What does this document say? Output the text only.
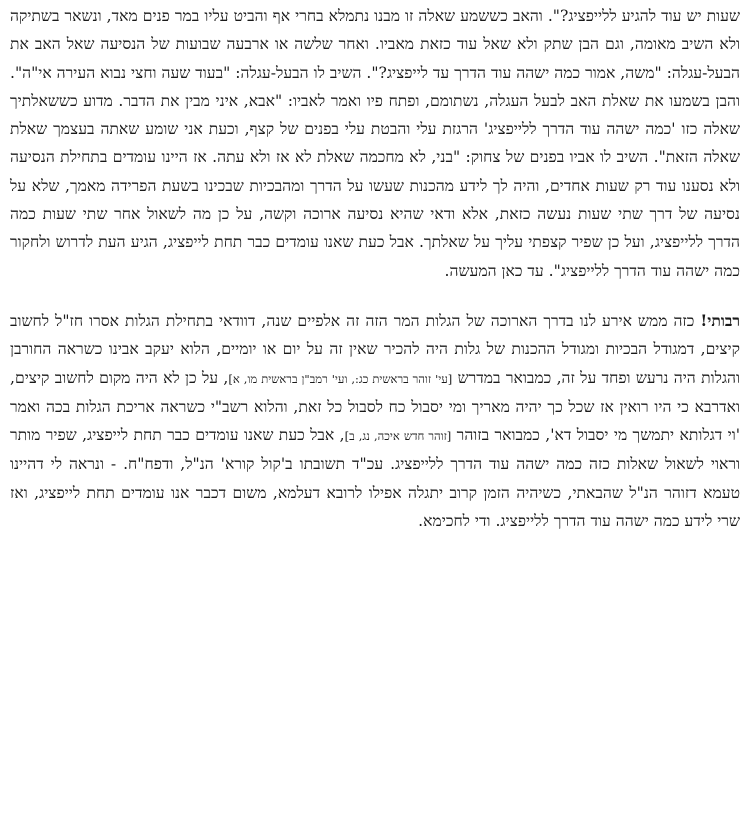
שעות יש עוד להגיע ללייפציג?". והאב כששמע שאלה זו מבנו נתמלא בחרי אף והביט עליו במר פנים מאד, ונשאר בשתיקה ולא השיב מאומה, וגם הבן שתק ולא שאל עוד כזאת מאביו. ואחר שלשה או ארבעה שבועות של הנסיעה שאל האב את הבעל-עגלה: "משה, אמור כמה ישהה עוד הדרך עד לייפציג?". השיב לו הבעל-עגלה: "בעוד שעה וחצי נבוא העירה אי"ה". והבן בשמעו את שאלת האב לבעל העגלה, נשתומם, ופתח פיו ואמר לאביו: "אבא, איני מבין את הדבר. מדוע כששאלתיך שאלה כזו 'כמה ישהה עוד הדרך ללייפציג' הרגזת עלי והבטת עלי בפנים של קצף, וכעת אני שומע שאתה בעצמך שאלת שאלה הזאת". השיב לו אביו בפנים של צחוק: "בני, לא מחכמה שאלת לא אז ולא עתה. אז היינו עומדים בתחילת הנסיעה ולא נסענו עוד רק שעות אחדים, והיה לך לידע מהכנות שעשו על הדרך ומהבכיות שבכינו בשעת הפרידה מאמך, שלא על נסיעה של דרך שתי שעות נעשה כזאת, אלא ודאי שהיא נסיעה ארוכה וקשה, על כן מה לשאול אחר שתי שעות כמה הדרך ללייפציג, ועל כן שפיר קצפתי עליך על שאלתך. אבל כעת שאנו עומדים כבר תחת לייפציג, הגיע העת לדרוש ולחקור כמה ישהה עוד הדרך ללייפציג". עד כאן המעשה.

רבותי! כזה ממש אירע לנו בדרך הארוכה של הגלות המר הזה זה אלפיים שנה, דוודאי בתחילת הגלות אסרו חז"ל לחשוב קיצים, דמגודל הבכיות ומגודל ההכנות של גלות היה להכיר שאין זה על יום או יומיים, הלוא יעקב אבינו כשראה החורבן והגלות היה נרעש ופחד על זה, כמבואר במדרש [עי' זוהר בראשית כג:, ועי' רמב"ן בראשית מו, א], על כן לא היה מקום לחשוב קיצים, ואדרבא כי היו רואין אז שכל כך יהיה מאריך ומי יסבול כח לסבול כל זאת, והלוא רשב"י כשראה אריכת הגלות בכה ואמר 'וי דגלותא יתמשך מי יסבול דא', כמבואר בזוהר [זוהר חדש איכה, נג, ב], אבל כעת שאנו עומדים כבר תחת לייפציג, שפיר מותר וראוי לשאול שאלות כזה כמה ישהה עוד הדרך ללייפציג. עכ"ד תשובתו ב'קול קורא' הנ"ל, ודפח"ח. - ונראה לי דהיינו טעמא דזוהר הנ"ל שהבאתי, כשיהיה הזמן קרוב יתגלה אפילו לרובא דעלמא, משום דכבר אנו עומדים תחת לייפציג, ואז שרי לידע כמה ישהה עוד הדרך ללייפציג. ודי לחכימא.
